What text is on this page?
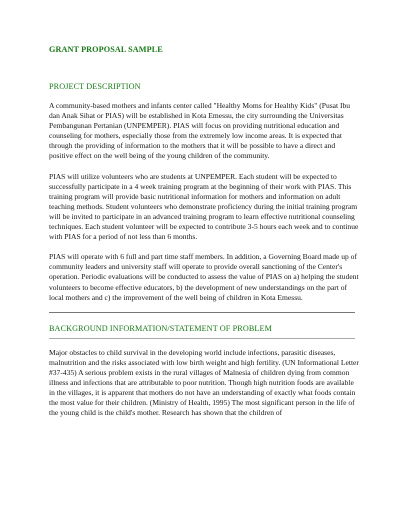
GRANT PROPOSAL SAMPLE
PROJECT DESCRIPTION

A community-based mothers and infants center called "Healthy Moms for Healthy Kids" (Pusat Ibu dan Anak Sihat or PIAS) will be established in Kota Emessu, the city surrounding the Universitas Pembangunan Pertanian (UNPEMPER). PIAS will focus on providing nutritional education and counseling for mothers, especially those from the extremely low income areas. It is expected that through the providing of information to the mothers that it will be possible to have a direct and positive effect on the well being of the young children of the community.

PIAS will utilize volunteers who are students at UNPEMPER. Each student will be expected to successfully participate in a 4 week training program at the beginning of their work with PIAS. This training program will provide basic nutritional information for mothers and information on adult teaching methods. Student volunteers who demonstrate proficiency during the initial training program will be invited to participate in an advanced training program to learn effective nutritional counseling techniques. Each student volunteer will be expected to contribute 3-5 hours each week and to continue with PIAS for a period of not less than 6 months.

PIAS will operate with 6 full and part time staff members. In addition, a Governing Board made up of community leaders and university staff will operate to provide overall sanctioning of the Center's operation. Periodic evaluations will be conducted to assess the value of PIAS on a) helping the student volunteers to become effective educators, b) the development of new understandings on the part of local mothers and c) the improvement of the well being of children in Kota Emessu.

BACKGROUND INFORMATION/STATEMENT OF PROBLEM

Major obstacles to child survival in the developing world include infections, parasitic diseases, malnutrition and the risks associated with low birth weight and high fertility. (UN Informational Letter #37-435) A serious problem exists in the rural villages of Malnesia of children dying from common illness and infections that are attributable to poor nutrition. Though high nutrition foods are available in the villages, it is apparent that mothers do not have an understanding of exactly what foods contain the most value for their children. (Ministry of Health, 1995) The most significant person in the life of the young child is the child's mother. Research has shown that the children of
